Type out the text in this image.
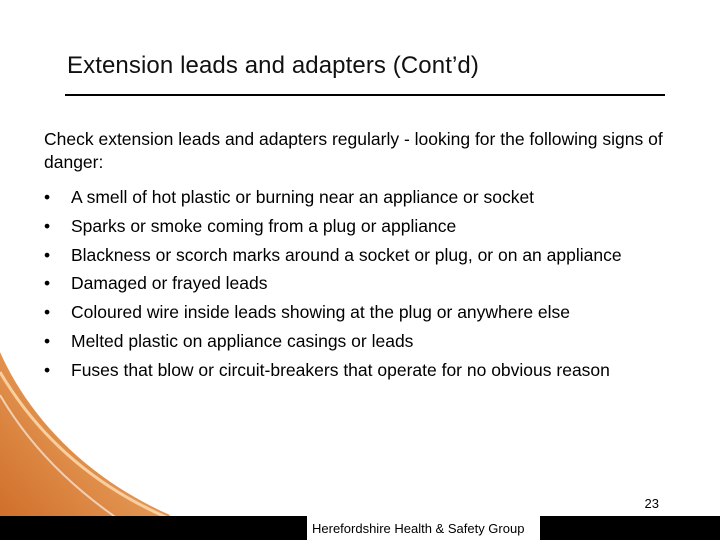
Extension leads and adapters (Cont’d)
Check extension leads and adapters regularly - looking for the following signs of danger:
• A smell of hot plastic or burning near an appliance or socket
• Sparks or smoke coming from a plug or appliance
• Blackness or scorch marks around a socket or plug, or on an appliance
• Damaged or frayed leads
• Coloured wire inside leads showing at the plug or anywhere else
• Melted plastic on appliance casings or leads
• Fuses that blow or circuit-breakers that operate for no obvious reason
23
Herefordshire Health & Safety Group
